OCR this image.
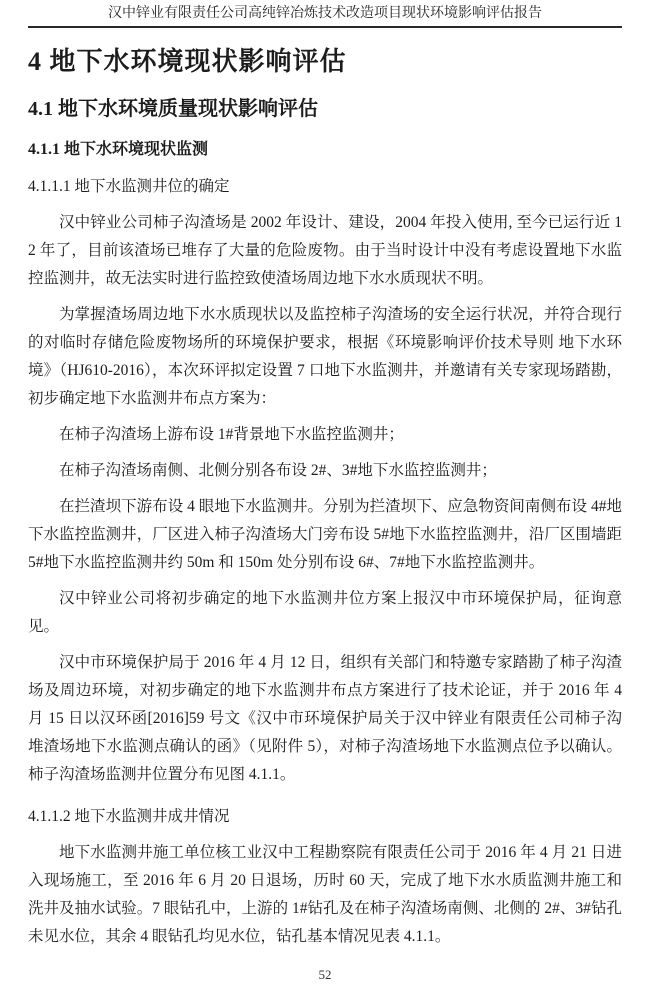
汉中锌业有限责任公司高纯锌冶炼技术改造项目现状环境影响评估报告
4 地下水环境现状影响评估
4.1 地下水环境质量现状影响评估
4.1.1 地下水环境现状监测
4.1.1.1 地下水监测井位的确定

汉中锌业公司柿子沟渣场是 2002 年设计、建设，2004 年投入使用, 至今已运行近 12 年了，目前该渣场已堆存了大量的危险废物。由于当时设计中没有考虑设置地下水监控监测井，故无法实时进行监控致使渣场周边地下水水质现状不明。

为掌握渣场周边地下水水质现状以及监控柿子沟渣场的安全运行状况，并符合现行的对临时存储危险废物场所的环境保护要求，根据《环境影响评价技术导则 地下水环境》（HJ610-2016），本次环评拟定设置 7 口地下水监测井，并邀请有关专家现场踏勘，初步确定地下水监测井布点方案为：

在柿子沟渣场上游布设 1#背景地下水监控监测井；

在柿子沟渣场南侧、北侧分别各布设 2#、3#地下水监控监测井；

在拦渣坝下游布设 4 眼地下水监测井。分别为拦渣坝下、应急物资间南侧布设 4#地下水监控监测井，厂区进入柿子沟渣场大门旁布设 5#地下水监控监测井，沿厂区围墙距 5#地下水监控监测井约 50m 和 150m 处分别布设 6#、7#地下水监控监测井。

汉中锌业公司将初步确定的地下水监测井位方案上报汉中市环境保护局，征询意见。

汉中市环境保护局于 2016 年 4 月 12 日，组织有关部门和特邀专家踏勘了柿子沟渣场及周边环境，对初步确定的地下水监测井布点方案进行了技术论证，并于 2016 年 4 月 15 日以汉环函[2016]59 号文《汉中市环境保护局关于汉中锌业有限责任公司柿子沟堆渣场地下水监测点确认的函》（见附件 5），对柿子沟渣场地下水监测点位予以确认。柿子沟渣场监测井位置分布见图 4.1.1。

4.1.1.2 地下水监测井成井情况

地下水监测井施工单位核工业汉中工程勘察院有限责任公司于 2016 年 4 月 21 日进入现场施工，至 2016 年 6 月 20 日退场，历时 60 天，完成了地下水水质监测井施工和洗井及抽水试验。7 眼钻孔中，上游的 1#钻孔及在柿子沟渣场南侧、北侧的 2#、3#钻孔未见水位，其余 4 眼钻孔均见水位，钻孔基本情况见表 4.1.1。

52
